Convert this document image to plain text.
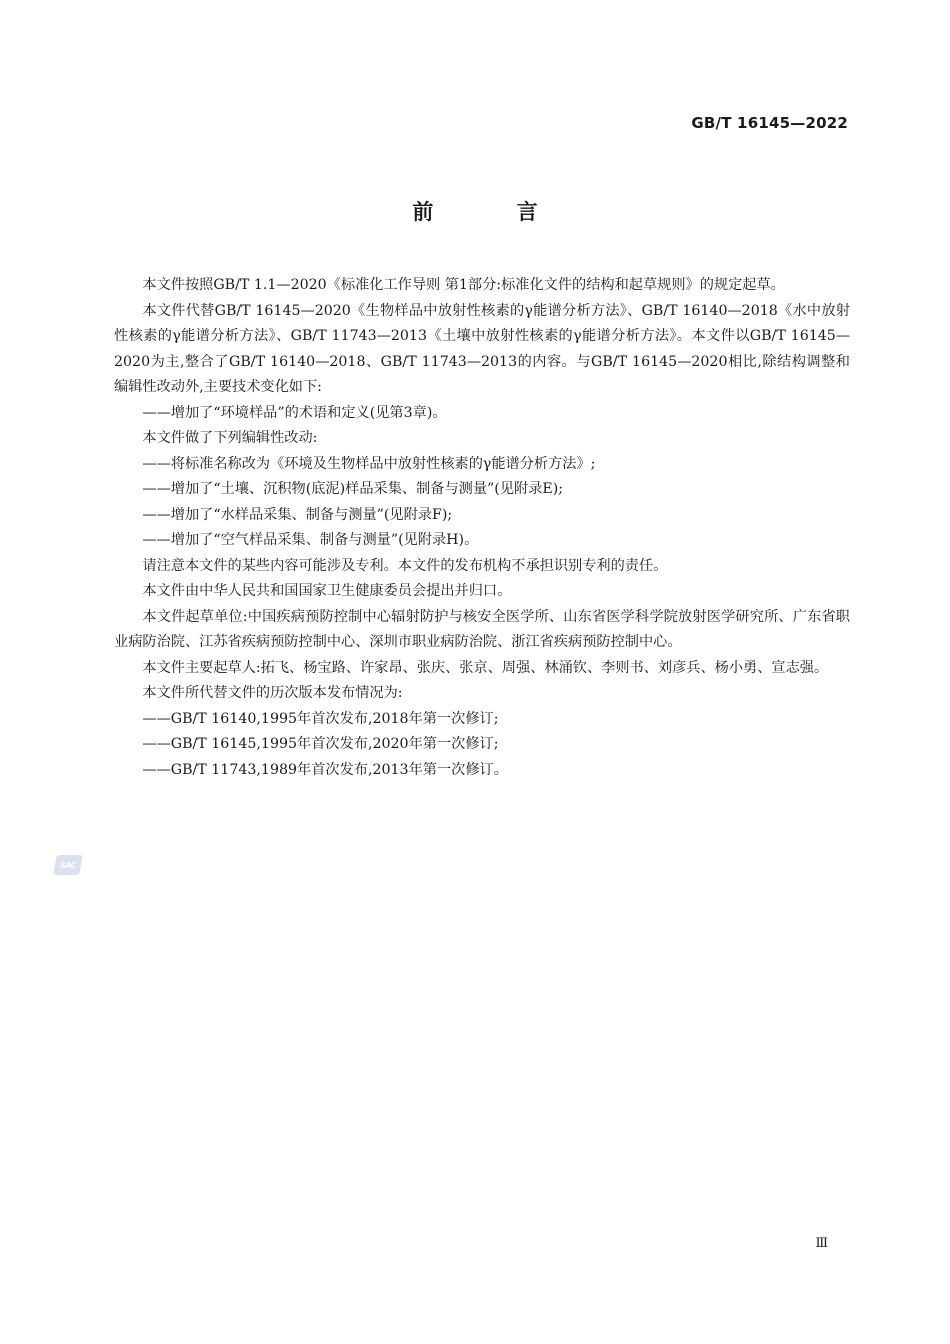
GB/T 16145—2022
前 言

本文件按照GB/T 1.1—2020《标准化工作导则 第1部分:标准化文件的结构和起草规则》的规定起草。

本文件代替GB/T 16145—2020《生物样品中放射性核素的γ能谱分析方法》、GB/T 16140—2018《水中放射性核素的γ能谱分析方法》、GB/T 11743—2013《土壤中放射性核素的γ能谱分析方法》。本文件以GB/T 16145—2020为主,整合了GB/T 16140—2018、GB/T 11743—2013的内容。与GB/T 16145—2020相比,除结构调整和编辑性改动外,主要技术变化如下:

——增加了“环境样品”的术语和定义(见第3章)。

本文件做了下列编辑性改动:

——将标准名称改为《环境及生物样品中放射性核素的γ能谱分析方法》;

——增加了“土壤、沉积物(底泥)样品采集、制备与测量”(见附录E);

——增加了“水样品采集、制备与测量”(见附录F);

——增加了“空气样品采集、制备与测量”(见附录H)。

请注意本文件的某些内容可能涉及专利。本文件的发布机构不承担识别专利的责任。

本文件由中华人民共和国国家卫生健康委员会提出并归口。

本文件起草单位:中国疾病预防控制中心辐射防护与核安全医学所、山东省医学科学院放射医学研究所、广东省职业病防治院、江苏省疾病预防控制中心、深圳市职业病防治院、浙江省疾病预防控制中心。

本文件主要起草人:拓飞、杨宝路、许家昂、张庆、张京、周强、林涌钦、李则书、刘彦兵、杨小勇、宣志强。

本文件所代替文件的历次版本发布情况为:

——GB/T 16140,1995年首次发布,2018年第一次修订;

——GB/T 16145,1995年首次发布,2020年第一次修订;

——GB/T 11743,1989年首次发布,2013年第一次修订。

SAC
Ⅲ
